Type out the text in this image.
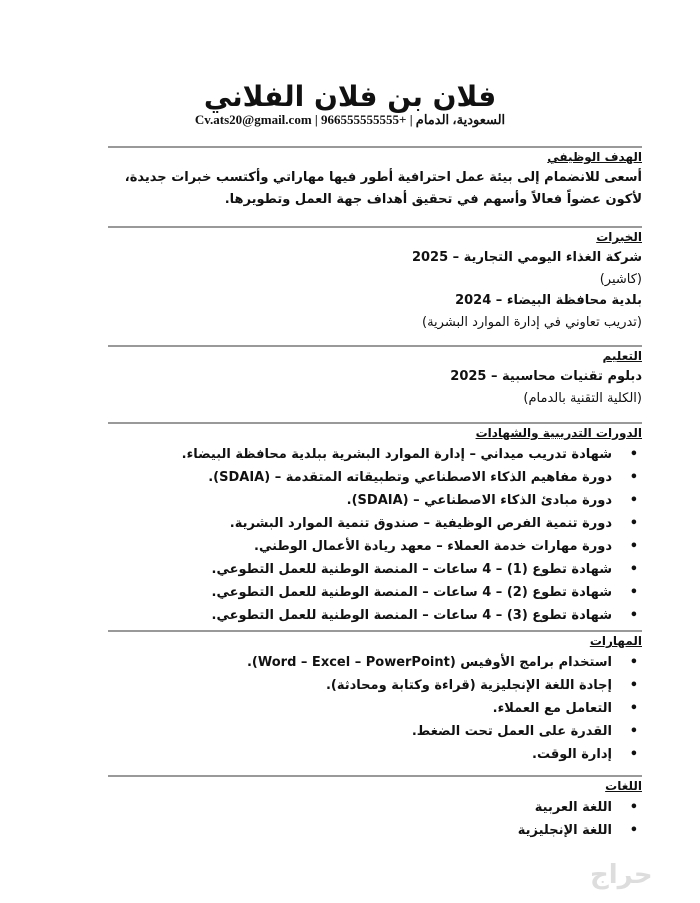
فلان بن فلان الفلاني
السعودية، الدمام | +966555555555 | Cv.ats20@gmail.com
الهدف الوظيفي
أسعى للانضمام إلى بيئة عمل احترافية أطور فيها مهاراتي وأكتسب خبرات جديدة، لأكون عضواً فعالاً وأسهم في تحقيق أهداف جهة العمل وتطويرها.
الخبرات
شركة الغذاء اليومي التجارية – 2025
(كاشير)
بلدية محافظة البيضاء – 2024
(تدريب تعاوني في إدارة الموارد البشرية)
التعليم
دبلوم تقنيات محاسبية – 2025
(الكلية التقنية بالدمام)
الدورات التدريبية والشهادات
• شهادة تدريب ميداني – إدارة الموارد البشرية ببلدية محافظة البيضاء.
• دورة مفاهيم الذكاء الاصطناعي وتطبيقاته المتقدمة – (SDAIA).
• دورة مبادئ الذكاء الاصطناعي – (SDAIA).
• دورة تنمية الفرص الوظيفية – صندوق تنمية الموارد البشرية.
• دورة مهارات خدمة العملاء – معهد ريادة الأعمال الوطني.
• شهادة تطوع (1) – 4 ساعات – المنصة الوطنية للعمل التطوعي.
• شهادة تطوع (2) – 4 ساعات – المنصة الوطنية للعمل التطوعي.
• شهادة تطوع (3) – 4 ساعات – المنصة الوطنية للعمل التطوعي.
المهارات
• استخدام برامج الأوفيس (Word – Excel – PowerPoint).
• إجادة اللغة الإنجليزية (قراءة وكتابة ومحادثة).
• التعامل مع العملاء.
• القدرة على العمل تحت الضغط.
• إدارة الوقت.
اللغات
• اللغة العربية
• اللغة الإنجليزية
حراج
